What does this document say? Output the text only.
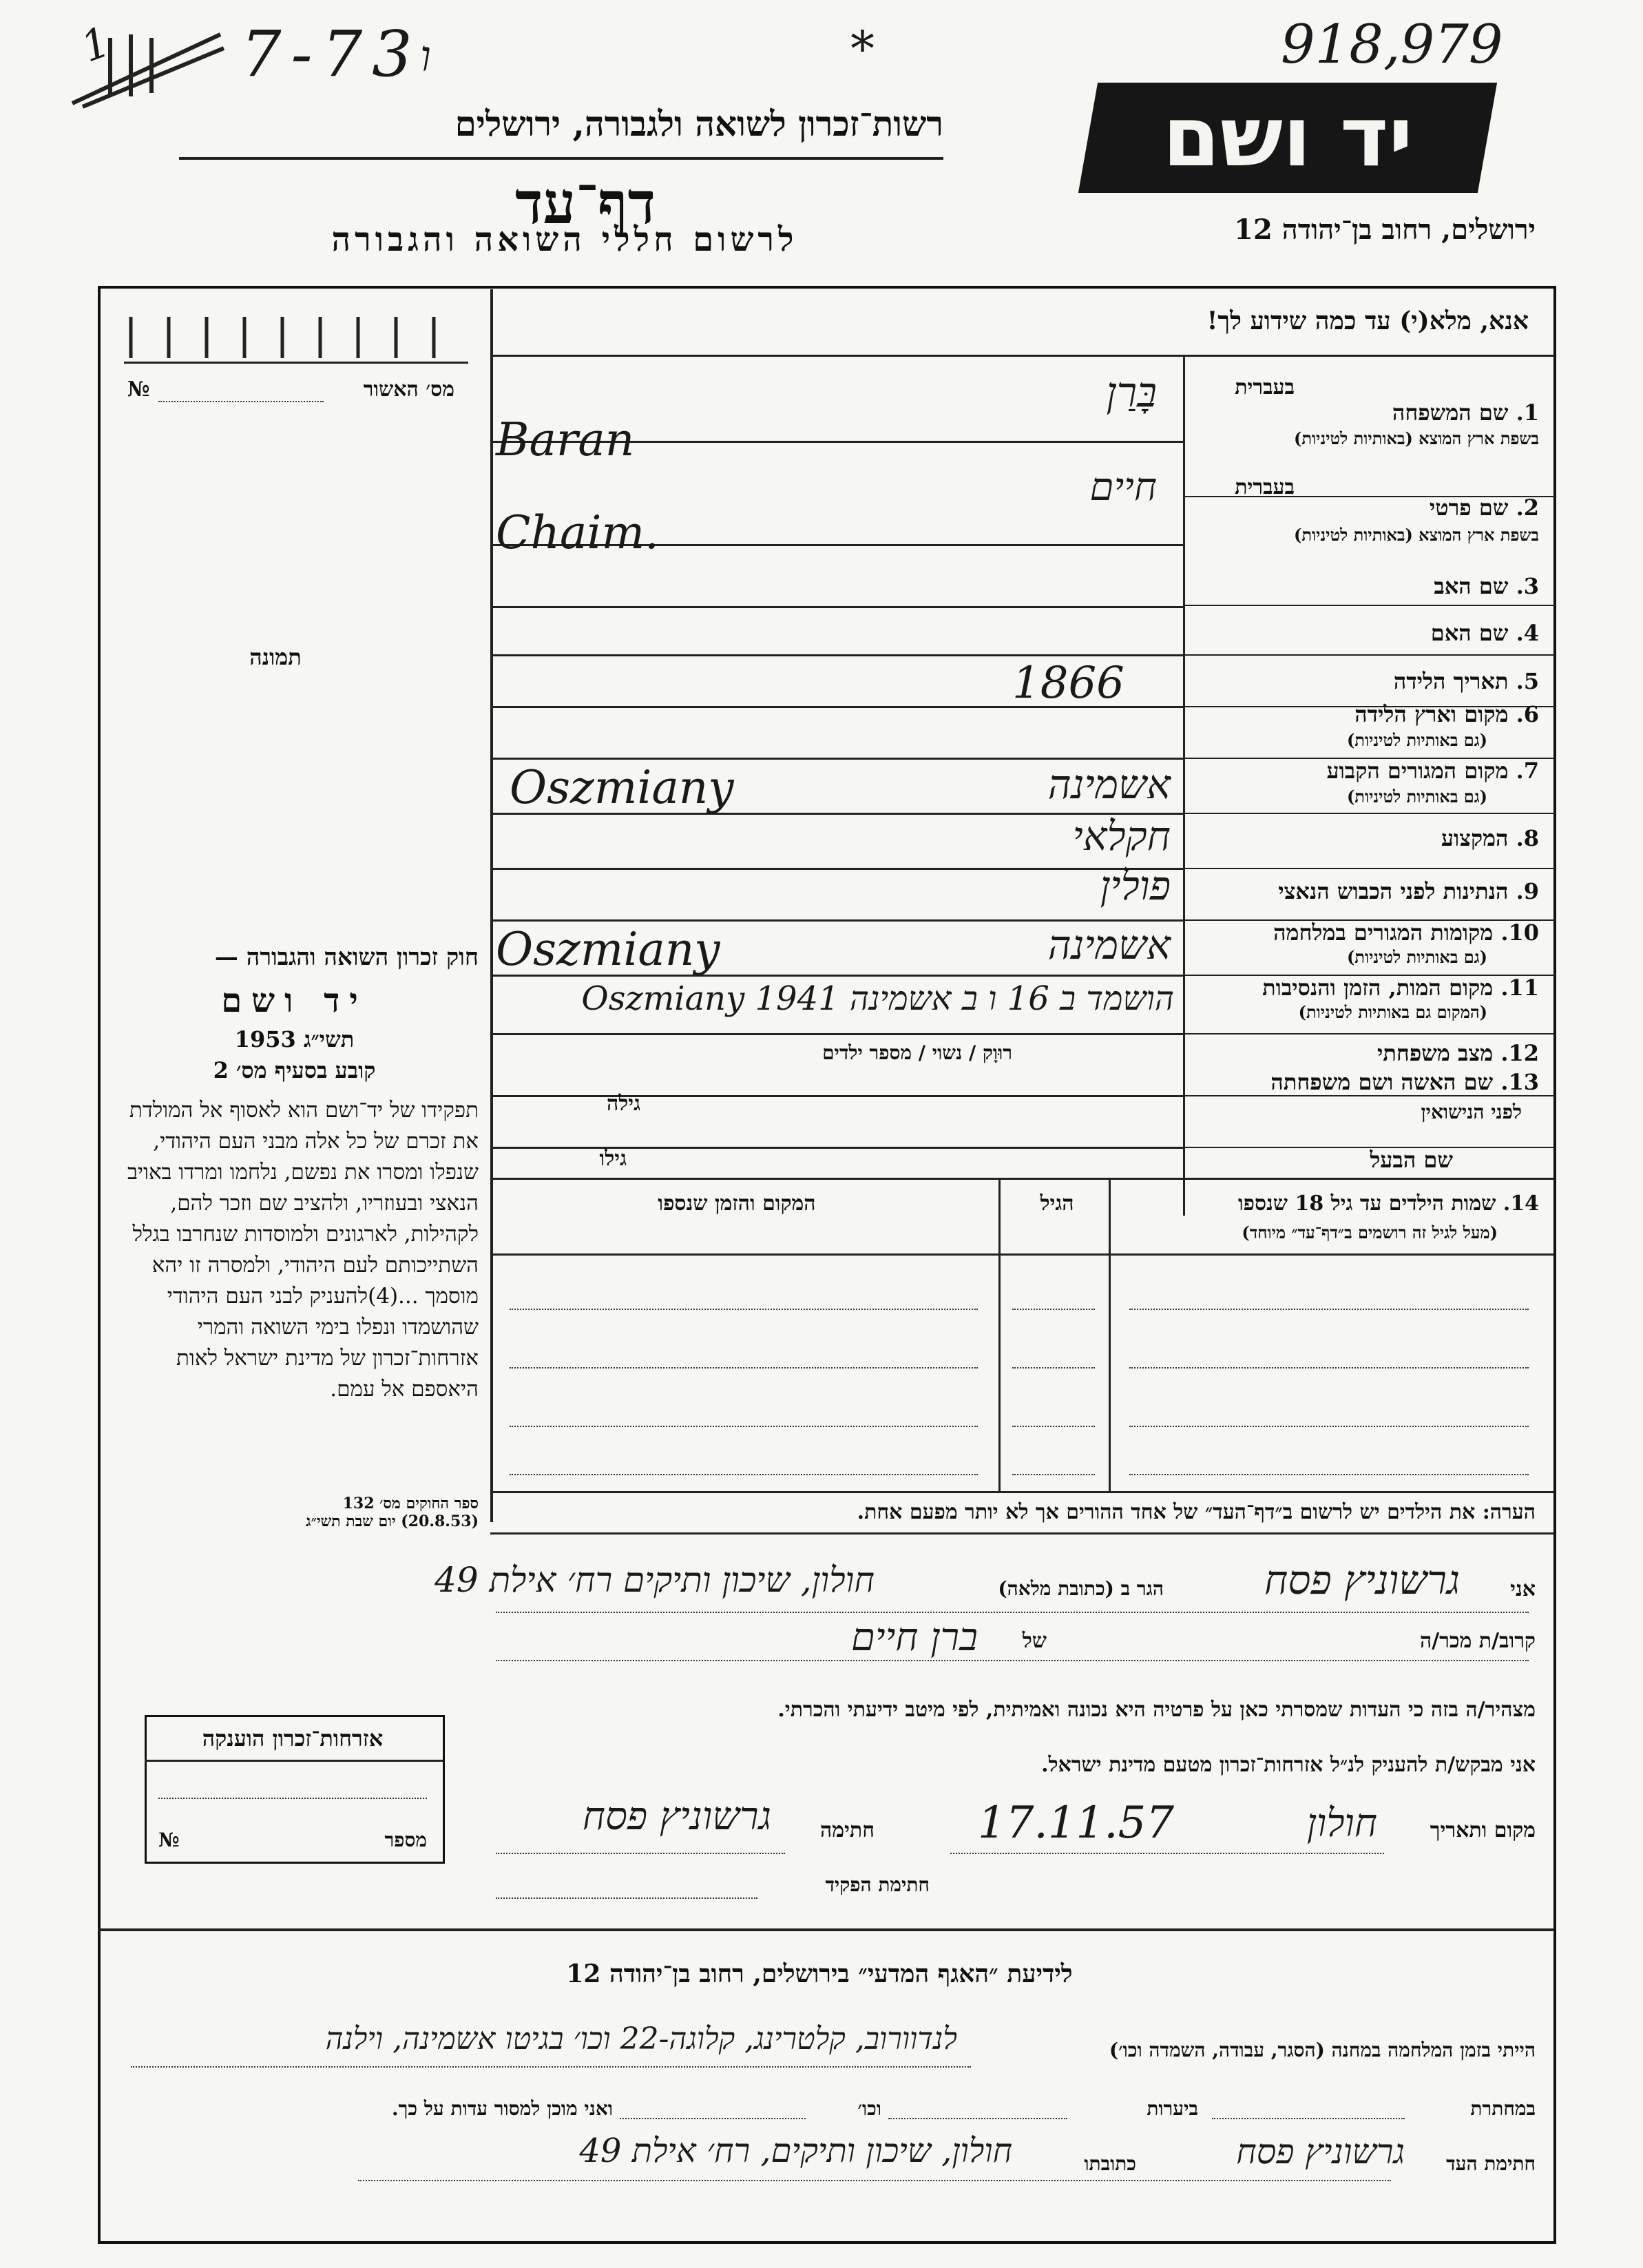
1 7-73
ו	*	918,979
רשות־זכרון לשואה ולגבורה, ירושלים	יד ושם
דף־עד
לרשום חללי השואה והגבורה	ירושלים, רחוב בן־יהודה 12
מס׳ האשור
№
תמונה
חוק זכרון השואה והגבורה —
יד ושם
תשי״ג 1953
קובע בסעיף מס׳ 2
תפקידו של יד־ושם הוא לאסוף אל המולדת את זכרם של כל אלה מבני העם היהודי, שנפלו ומסרו את נפשם, נלחמו ומרדו באויב הנאצי ובעוזריו, ולהציב שם וזכר להם, לקהילות, לארגונים ולמוסדות שנחרבו בגלל השתייכותם לעם היהודי, ולמסרה זו יהא מוסמך ...(4)להעניק לבני העם היהודי שהושמדו ונפלו בימי השואה והמרי אזרחות־זכרון של מדינת ישראל לאות היאספם אל עמם.
ספר החוקים מס׳ 132
(20.8.53) יום שבת תשי״ג
אזרחות־זכרון הוענקה
מספר
№
אנא, מלא(י) עד כמה שידוע לך!
בעברית
1. שם המשפחה
בשפת ארץ המוצא (באותיות לטיניות)
בָּרַן
Baran
בעברית
2. שם פרטי
בשפת ארץ המוצא (באותיות לטיניות)
חיים
Chaim.
3. שם האב
4. שם האם
5. תאריך הלידה
1866
6. מקום וארץ הלידה
(גם באותיות לטיניות)
7. מקום המגורים הקבוע
(גם באותיות לטיניות)
אשמינה
Oszmiany
8. המקצוע
חקלאי
9. הנתינות לפני הכבוש הנאצי
פולין
10. מקומות המגורים במלחמה
(גם באותיות לטיניות)
אשמינה
Oszmiany
11. מקום המות, הזמן והנסיבות
(המקום גם באותיות לטיניות)
הושמד ב 16 ו ב אשמינה 1941 Oszmiany
12. מצב משפחתי
רוּוָק / נשוי / מספר ילדים
13. שם האשה ושם משפחתה
לפני הנישואין
גילה
שם הבעל
גילו
14. שמות הילדים עד גיל 18 שנספו
(מעל לגיל זה רושמים ב״דף־עד״ מיוחד)
הגיל
המקום והזמן שנספו
הערה: את הילדים יש לרשום ב״דף־העד״ של אחד ההורים אך לא יותר מפעם אחת.
אני
גרשוניץ פסח
הגר ב (כתובת מלאה)
חולון, שיכון ותיקים רח׳ אילת 49
קרוב/ת מכר/ה
של
ברן חיים
מצהיר/ה בזה כי העדות שמסרתי כאן על פרטיה היא נכונה ואמיתית, לפי מיטב ידיעתי והכרתי.
אני מבקש/ת להעניק לנ״ל אזרחות־זכרון מטעם מדינת ישראל.
מקום ותאריך
חולון
17.11.57
חתימה
גרשוניץ פסח
חתימת הפקיד
לידיעת ״האגף המדעי״ בירושלים, רחוב בן־יהודה 12
הייתי בזמן המלחמה במחנה (הסגר, עבודה, השמדה וכו׳)
לנדוורוב, קלטרינג, קלוגה-22 וכו׳ בגיטו אשמינה, וילנה
במחתרת
ביערות
וכו׳
ואני מוכן למסור עדות על כך.
חתימת העד
גרשוניץ פסח
כתובתו
חולון, שיכון ותיקים, רח׳ אילת 49
